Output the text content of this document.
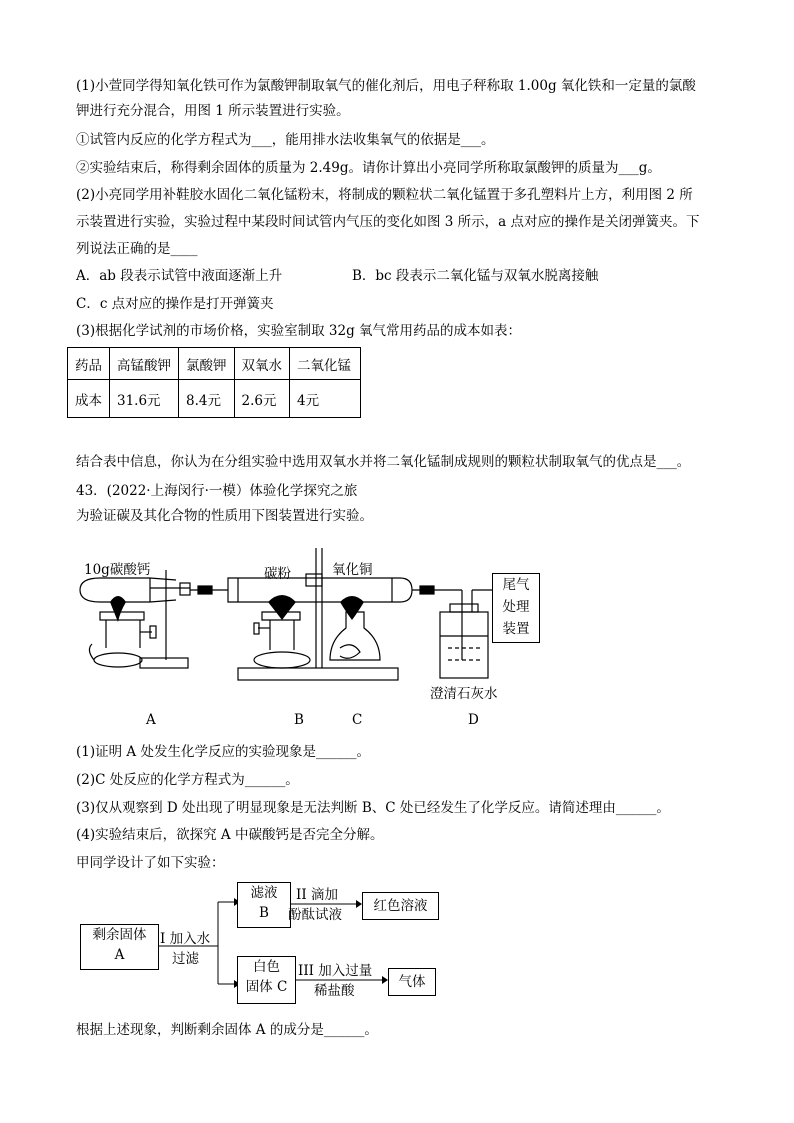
(1)小萱同学得知氧化铁可作为氯酸钾制取氧气的催化剂后，用电子秤称取 1.00g 氧化铁和一定量的氯酸
钾进行充分混合，用图 1 所示装置进行实验。
①试管内反应的化学方程式为___，能用排水法收集氧气的依据是___。
②实验结束后，称得剩余固体的质量为 2.49g。请你计算出小亮同学所称取氯酸钾的质量为___g。
(2)小亮同学用补鞋胶水固化二氧化锰粉末，将制成的颗粒状二氧化锰置于多孔塑料片上方，利用图 2 所
示装置进行实验，实验过程中某段时间试管内气压的变化如图 3 所示，a 点对应的操作是关闭弹簧夹。下
列说法正确的是____
A．ab 段表示试管中液面逐渐上升	B．bc 段表示二氧化锰与双氧水脱离接触
C．c 点对应的操作是打开弹簧夹
(3)根据化学试剂的市场价格，实验室制取 32g 氧气常用药品的成本如表：
药品	高锰酸钾	氯酸钾	双氧水	二氧化锰
成本	31.6元	8.4元	2.6元	4元
结合表中信息，你认为在分组实验中选用双氧水并将二氧化锰制成规则的颗粒状制取氧气的优点是___。
43．(2022·上海闵行·一模）体验化学探究之旅
为验证碳及其化合物的性质用下图装置进行实验。
10g碳酸钙	碳粉	氧化铜
尾气
处理
装置
澄清石灰水
A	B	C	D
(1)证明 A 处发生化学反应的实验现象是______。
(2)C 处反应的化学方程式为______。
(3)仅从观察到 D 处出现了明显现象是无法判断 B、C 处已经发生了化学反应。请简述理由______。
(4)实验结束后，欲探究 A 中碳酸钙是否完全分解。
甲同学设计了如下实验：
剩余固体
A
I 加入水
过滤
滤液
B
II 滴加
酚酞试液
红色溶液
白色
固体 C
III 加入过量
稀盐酸
气体
根据上述现象，判断剩余固体 A 的成分是______。
